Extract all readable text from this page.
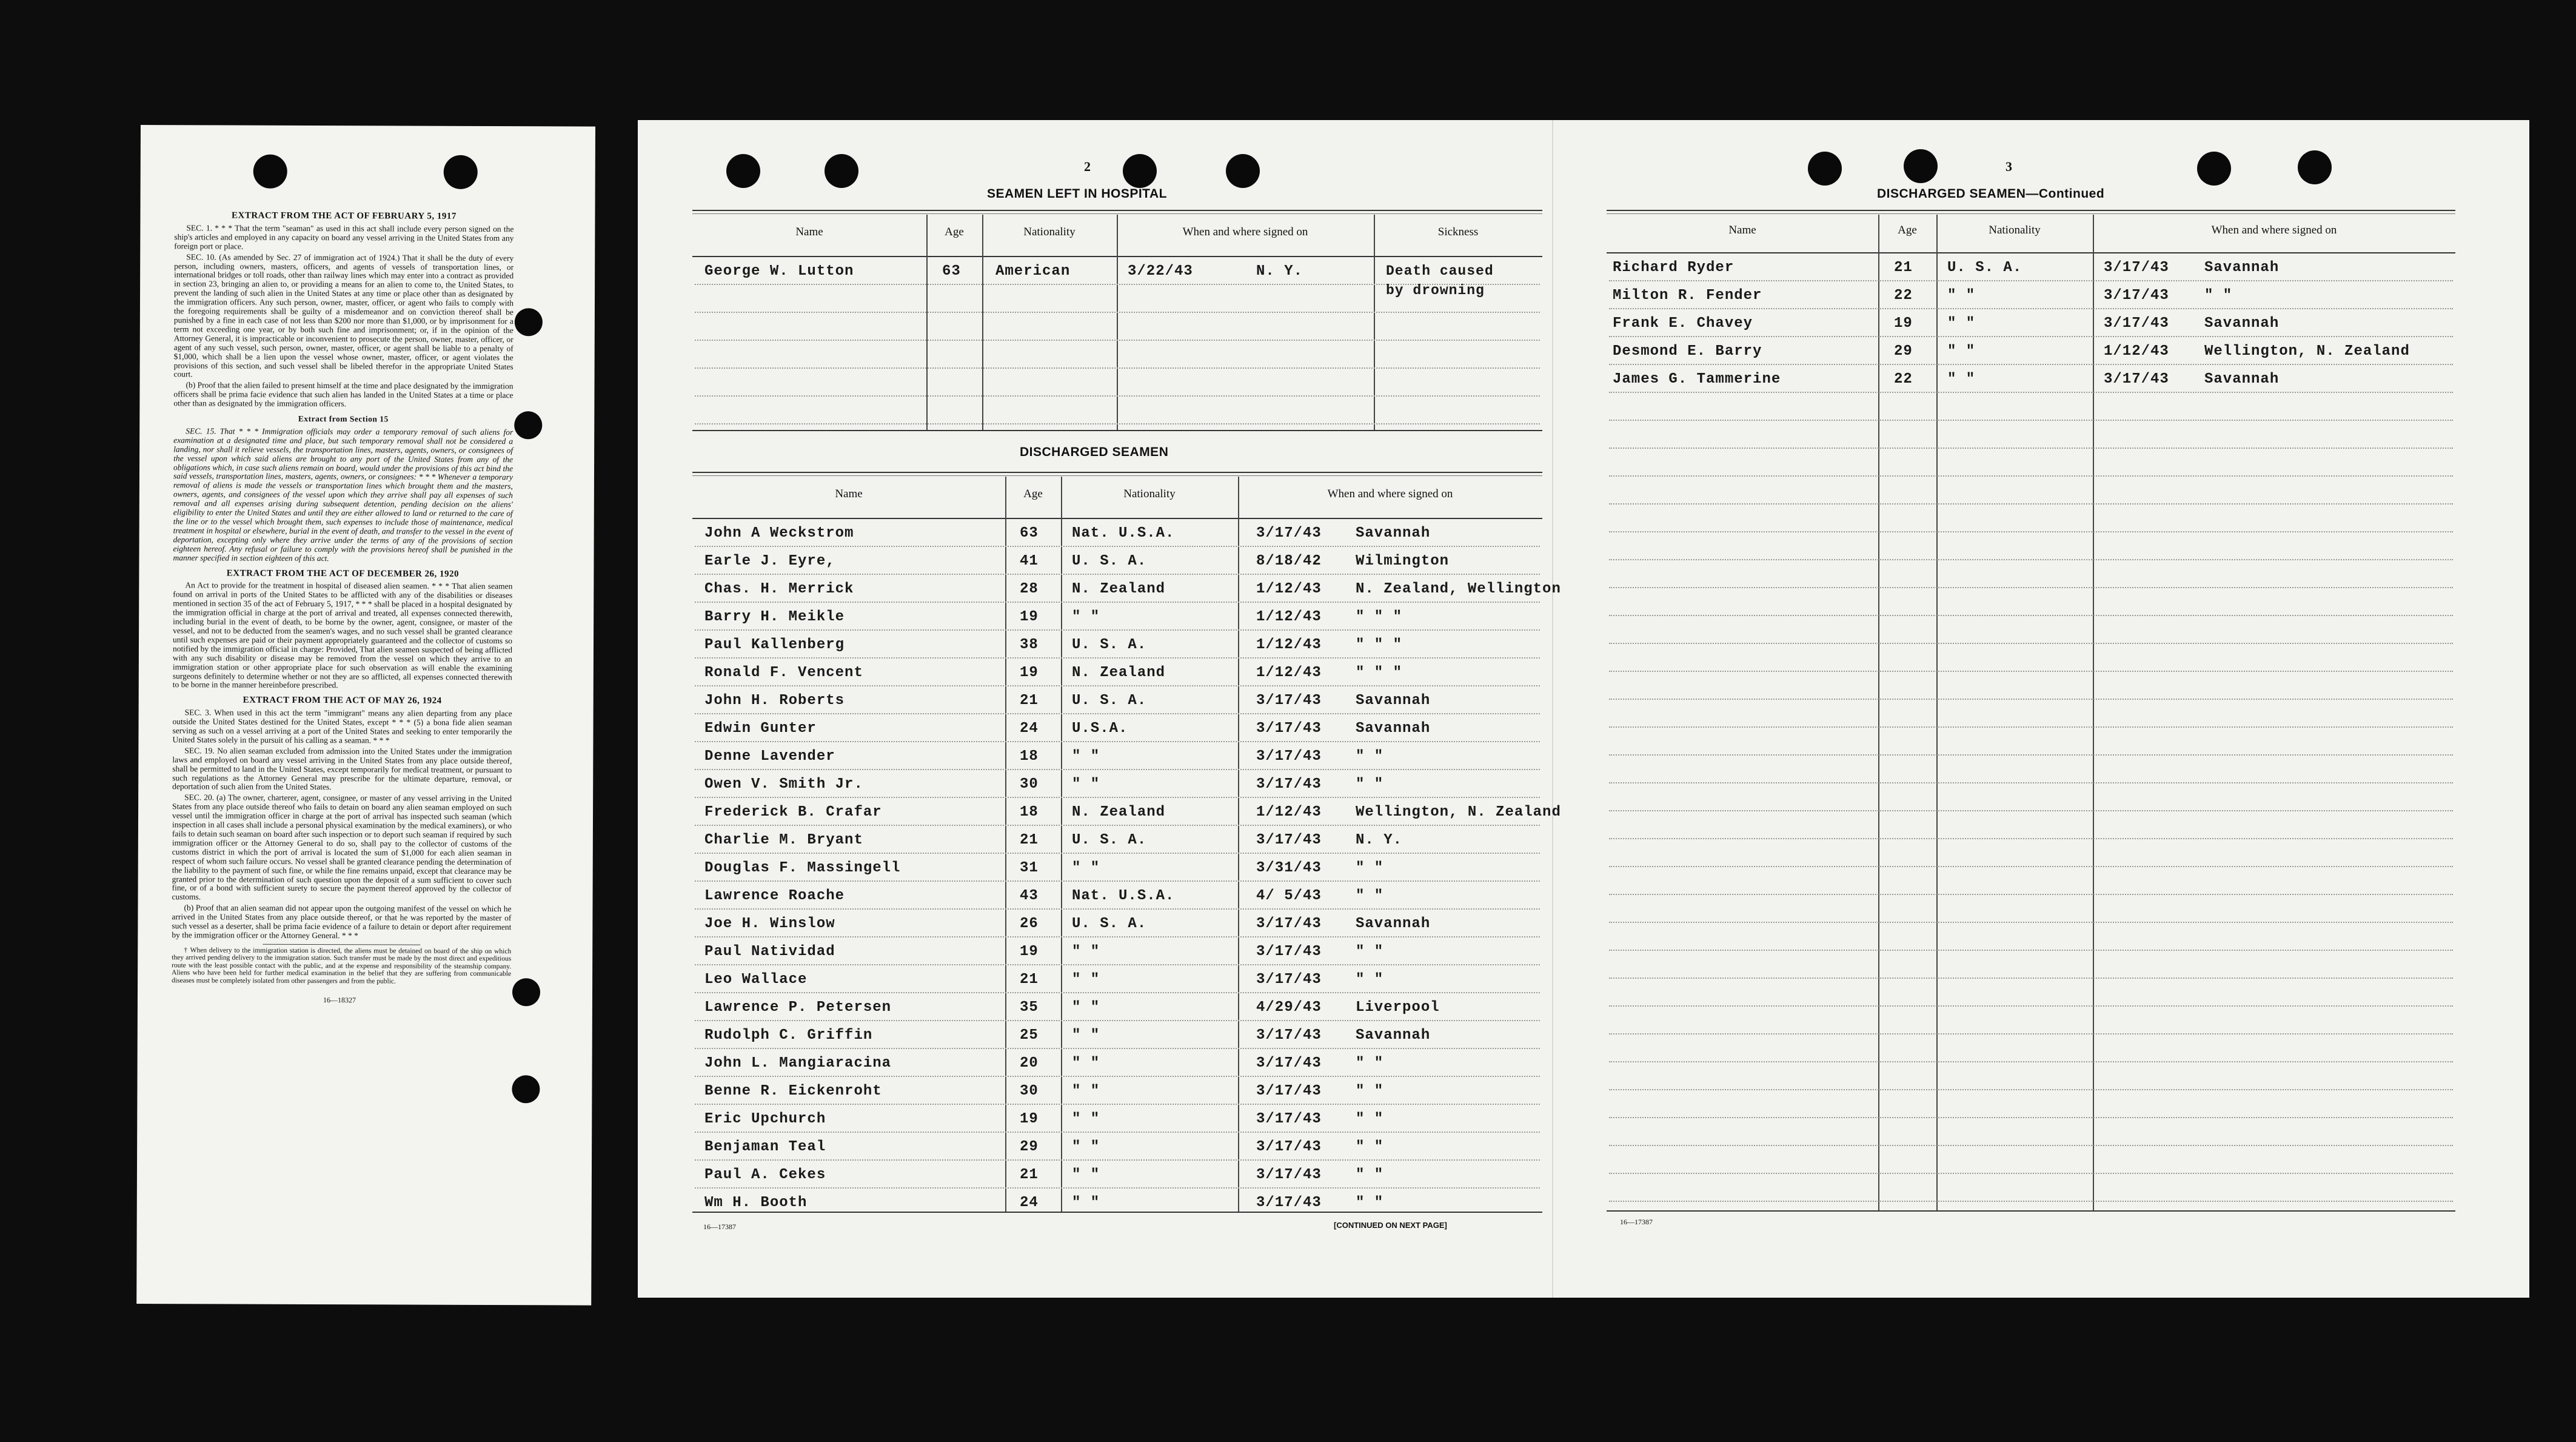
EXTRACT FROM THE ACT OF FEBRUARY 5, 1917

SEC. 1. * * * That the term "seaman" as used in this act shall include every person signed on the ship's articles and employed in any capacity on board any vessel arriving in the United States from any foreign port or place.

SEC. 10. (As amended by Sec. 27 of immigration act of 1924.) That it shall be the duty of every person, including owners, masters, officers, and agents of vessels of transportation lines, or international bridges or toll roads, other than railway lines which may enter into a contract as provided in section 23, bringing an alien to, or providing a means for an alien to come to, the United States, to prevent the landing of such alien in the United States at any time or place other than as designated by the immigration officers. Any such person, owner, master, officer, or agent who fails to comply with the foregoing requirements shall be guilty of a misdemeanor and on conviction thereof shall be punished by a fine in each case of not less than $200 nor more than $1,000, or by imprisonment for a term not exceeding one year, or by both such fine and imprisonment; or, if in the opinion of the Attorney General, it is impracticable or inconvenient to prosecute the person, owner, master, officer, or agent of any such vessel, such person, owner, master, officer, or agent shall be liable to a penalty of $1,000, which shall be a lien upon the vessel whose owner, master, officer, or agent violates the provisions of this section, and such vessel shall be libeled therefor in the appropriate United States court.

(b) Proof that the alien failed to present himself at the time and place designated by the immigration officers shall be prima facie evidence that such alien has landed in the United States at a time or place other than as designated by the immigration officers.

Extract from Section 15

SEC. 15. That * * * Immigration officials may order a temporary removal of such aliens for examination at a designated time and place, but such temporary removal shall not be considered a landing, nor shall it relieve vessels, the transportation lines, masters, agents, owners, or consignees of the vessel upon which said aliens are brought to any port of the United States from any of the obligations which, in case such aliens remain on board, would under the provisions of this act bind the said vessels, transportation lines, masters, agents, owners, or consignees: * * * Whenever a temporary removal of aliens is made the vessels or transportation lines which brought them and the masters, owners, agents, and consignees of the vessel upon which they arrive shall pay all expenses of such removal and all expenses arising during subsequent detention, pending decision on the aliens' eligibility to enter the United States and until they are either allowed to land or returned to the care of the line or to the vessel which brought them, such expenses to include those of maintenance, medical treatment in hospital or elsewhere, burial in the event of death, and transfer to the vessel in the event of deportation, excepting only where they arrive under the terms of any of the provisions of section eighteen hereof. Any refusal or failure to comply with the provisions hereof shall be punished in the manner specified in section eighteen of this act.

EXTRACT FROM THE ACT OF DECEMBER 26, 1920

An Act to provide for the treatment in hospital of diseased alien seamen. * * * That alien seamen found on arrival in ports of the United States to be afflicted with any of the disabilities or diseases mentioned in section 35 of the act of February 5, 1917, * * * shall be placed in a hospital designated by the immigration official in charge at the port of arrival and treated, all expenses connected therewith, including burial in the event of death, to be borne by the owner, agent, consignee, or master of the vessel, and not to be deducted from the seamen's wages, and no such vessel shall be granted clearance until such expenses are paid or their payment appropriately guaranteed and the collector of customs so notified by the immigration official in charge: Provided, That alien seamen suspected of being afflicted with any such disability or disease may be removed from the vessel on which they arrive to an immigration station or other appropriate place for such observation as will enable the examining surgeons definitely to determine whether or not they are so afflicted, all expenses connected therewith to be borne in the manner hereinbefore prescribed.

EXTRACT FROM THE ACT OF MAY 26, 1924

SEC. 3. When used in this act the term "immigrant" means any alien departing from any place outside the United States destined for the United States, except * * * (5) a bona fide alien seaman serving as such on a vessel arriving at a port of the United States and seeking to enter temporarily the United States solely in the pursuit of his calling as a seaman. * * *

SEC. 19. No alien seaman excluded from admission into the United States under the immigration laws and employed on board any vessel arriving in the United States from any place outside thereof, shall be permitted to land in the United States, except temporarily for medical treatment, or pursuant to such regulations as the Attorney General may prescribe for the ultimate departure, removal, or deportation of such alien from the United States.

SEC. 20. (a) The owner, charterer, agent, consignee, or master of any vessel arriving in the United States from any place outside thereof who fails to detain on board any alien seaman employed on such vessel until the immigration officer in charge at the port of arrival has inspected such seaman (which inspection in all cases shall include a personal physical examination by the medical examiners), or who fails to detain such seaman on board after such inspection or to deport such seaman if required by such immigration officer or the Attorney General to do so, shall pay to the collector of customs of the customs district in which the port of arrival is located the sum of $1,000 for each alien seaman in respect of whom such failure occurs. No vessel shall be granted clearance pending the determination of the liability to the payment of such fine, or while the fine remains unpaid, except that clearance may be granted prior to the determination of such question upon the deposit of a sum sufficient to cover such fine, or of a bond with sufficient surety to secure the payment thereof approved by the collector of customs.

(b) Proof that an alien seaman did not appear upon the outgoing manifest of the vessel on which he arrived in the United States from any place outside thereof, or that he was reported by the master of such vessel as a deserter, shall be prima facie evidence of a failure to detain or deport after requirement by the immigration officer or the Attorney General. * * *

† When delivery to the immigration station is directed, the aliens must be detained on board of the ship on which they arrived pending delivery to the immigration station. Such transfer must be made by the most direct and expeditious route with the least possible contact with the public, and at the expense and responsibility of the steamship company. Aliens who have been held for further medical examination in the belief that they are suffering from communicable diseases must be completely isolated from other passengers and from the public.

16—18327
2
SEAMEN LEFT IN HOSPITAL
Name	Age	Nationality	When and where signed on	Sickness
George W. Lutton	63 American	3/22/43	N. Y.	Death caused
by drowning
DISCHARGED SEAMEN
Name	Age	Nationality	When and where signed on
John A Weckstrom	63 Nat. U.S.A.	3/17/43 Savannah
Earle J. Eyre,	41 U. S. A.	8/18/42 Wilmington
Chas. H. Merrick	28 N. Zealand	1/12/43 N. Zealand, Wellington
Barry H. Meikle	19 " "	1/12/43 " " "
Paul Kallenberg	38 U. S. A.	1/12/43 " " "
Ronald F. Vencent	19 N. Zealand	1/12/43 " " "
John H. Roberts	21 U. S. A.	3/17/43 Savannah
Edwin Gunter	24 U.S.A.	3/17/43 Savannah
Denne Lavender	18 " "	3/17/43 " "
Owen V. Smith Jr.	30 " "	3/17/43 " "
Frederick B. Crafar	18 N. Zealand	1/12/43 Wellington, N. Zealand
Charlie M. Bryant	21 U. S. A.	3/17/43 N. Y.
Douglas F. Massingell	31 " "	3/31/43 " "
Lawrence Roache	43 Nat. U.S.A.	4/ 5/43 " "
Joe H. Winslow	26 U. S. A.	3/17/43 Savannah
Paul Natividad	19 " "	3/17/43 " "
Leo Wallace	21 " "	3/17/43 " "
Lawrence P. Petersen	35 " "	4/29/43 Liverpool
Rudolph C. Griffin	25 " "	3/17/43 Savannah
John L. Mangiaracina	20 " "	3/17/43 " "
Benne R. Eickenroht	30 " "	3/17/43 " "
Eric Upchurch	19 " "	3/17/43 " "
Benjaman Teal	29 " "	3/17/43 " "
Paul A. Cekes	21 " "	3/17/43 " "
Wm H. Booth	24 " "	3/17/43 " "
16—17387	[CONTINUED ON NEXT PAGE]
3
DISCHARGED SEAMEN—Continued
Name	Age	Nationality	When and where signed on
Richard Ryder	21 U. S. A.	3/17/43 Savannah
Milton R. Fender	22 " "	3/17/43 " "
Frank E. Chavey	19 " "	3/17/43 Savannah
Desmond E. Barry	29 " "	1/12/43 Wellington, N. Zealand
James G. Tammerine	22 " "	3/17/43 Savannah
16—17387
